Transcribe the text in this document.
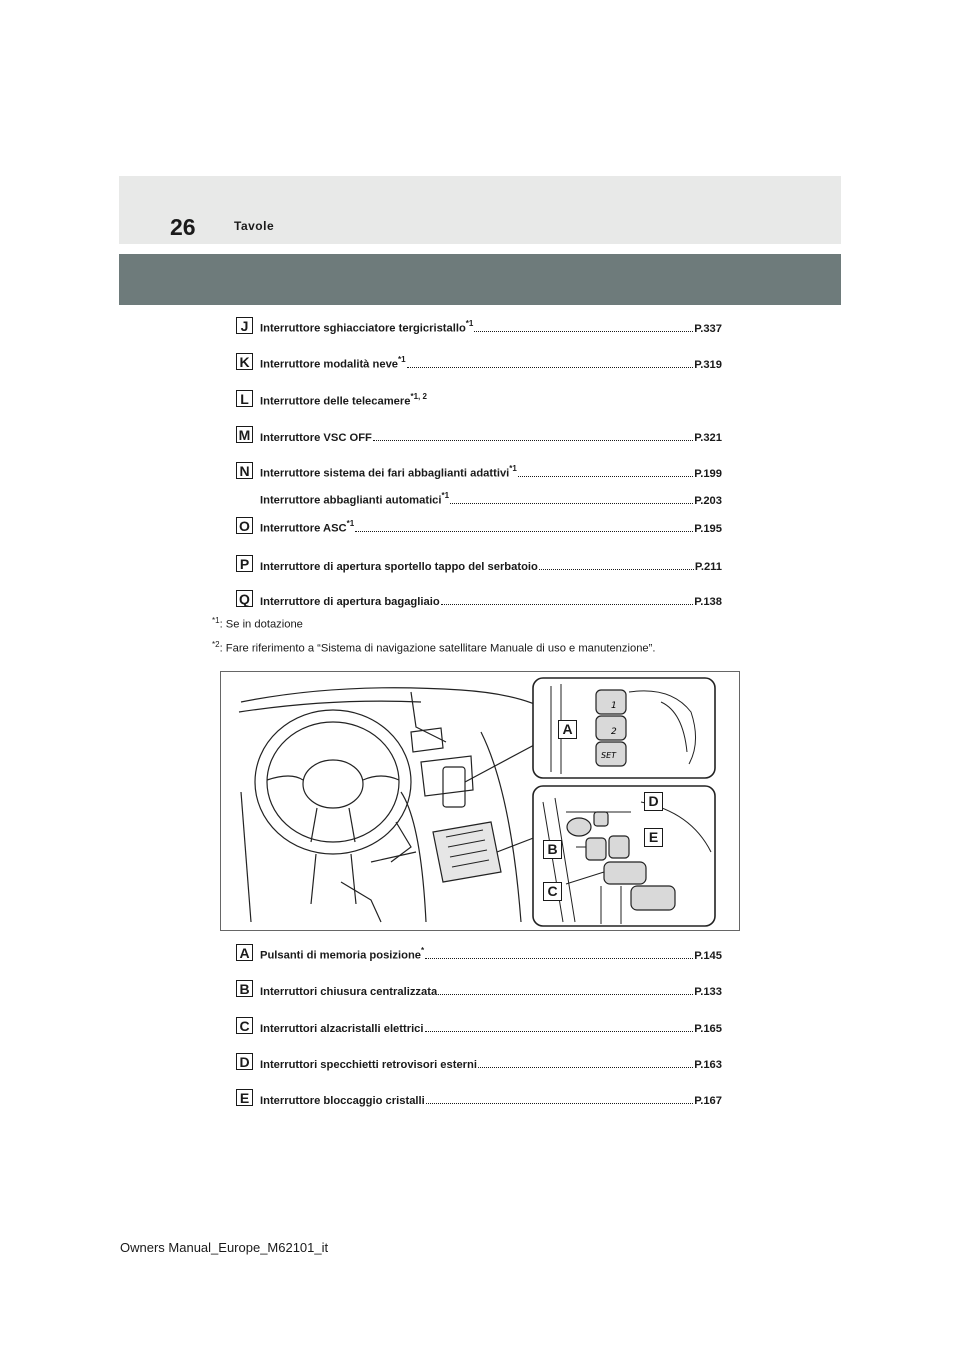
26	Tavole
J	Interruttore sghiacciatore tergicristallo$^{*1}$	P.337
K Interruttore modalità neve$^{*1}$	P.319
L	Interruttore delle telecamere$^{*1, 2}$
M Interruttore VSC OFF	P.321
N Interruttore sistema dei fari abbaglianti adattivi$^{*1}$	P.199
Interruttore abbaglianti automatici$^{*1}$	P.203
O Interruttore ASC$^{*1}$	P.195
P Interruttore di apertura sportello tappo del serbatoio	P.211
Q Interruttore di apertura bagagliaio	P.138
$^{*1}$: Se in dotazione
$^{*2}$: Fare riferimento a “Sistema di navigazione satellitare Manuale di uso e manutenzione”.
1
2
SET
A
B
C
D
E
A Pulsanti di memoria posizione*	P.145
B Interruttori chiusura centralizzata	P.133
C Interruttori alzacristalli elettrici	P.165
D Interruttori specchietti retrovisori esterni	P.163
E Interruttore bloccaggio cristalli	P.167
Owners Manual_Europe_M62101_it
